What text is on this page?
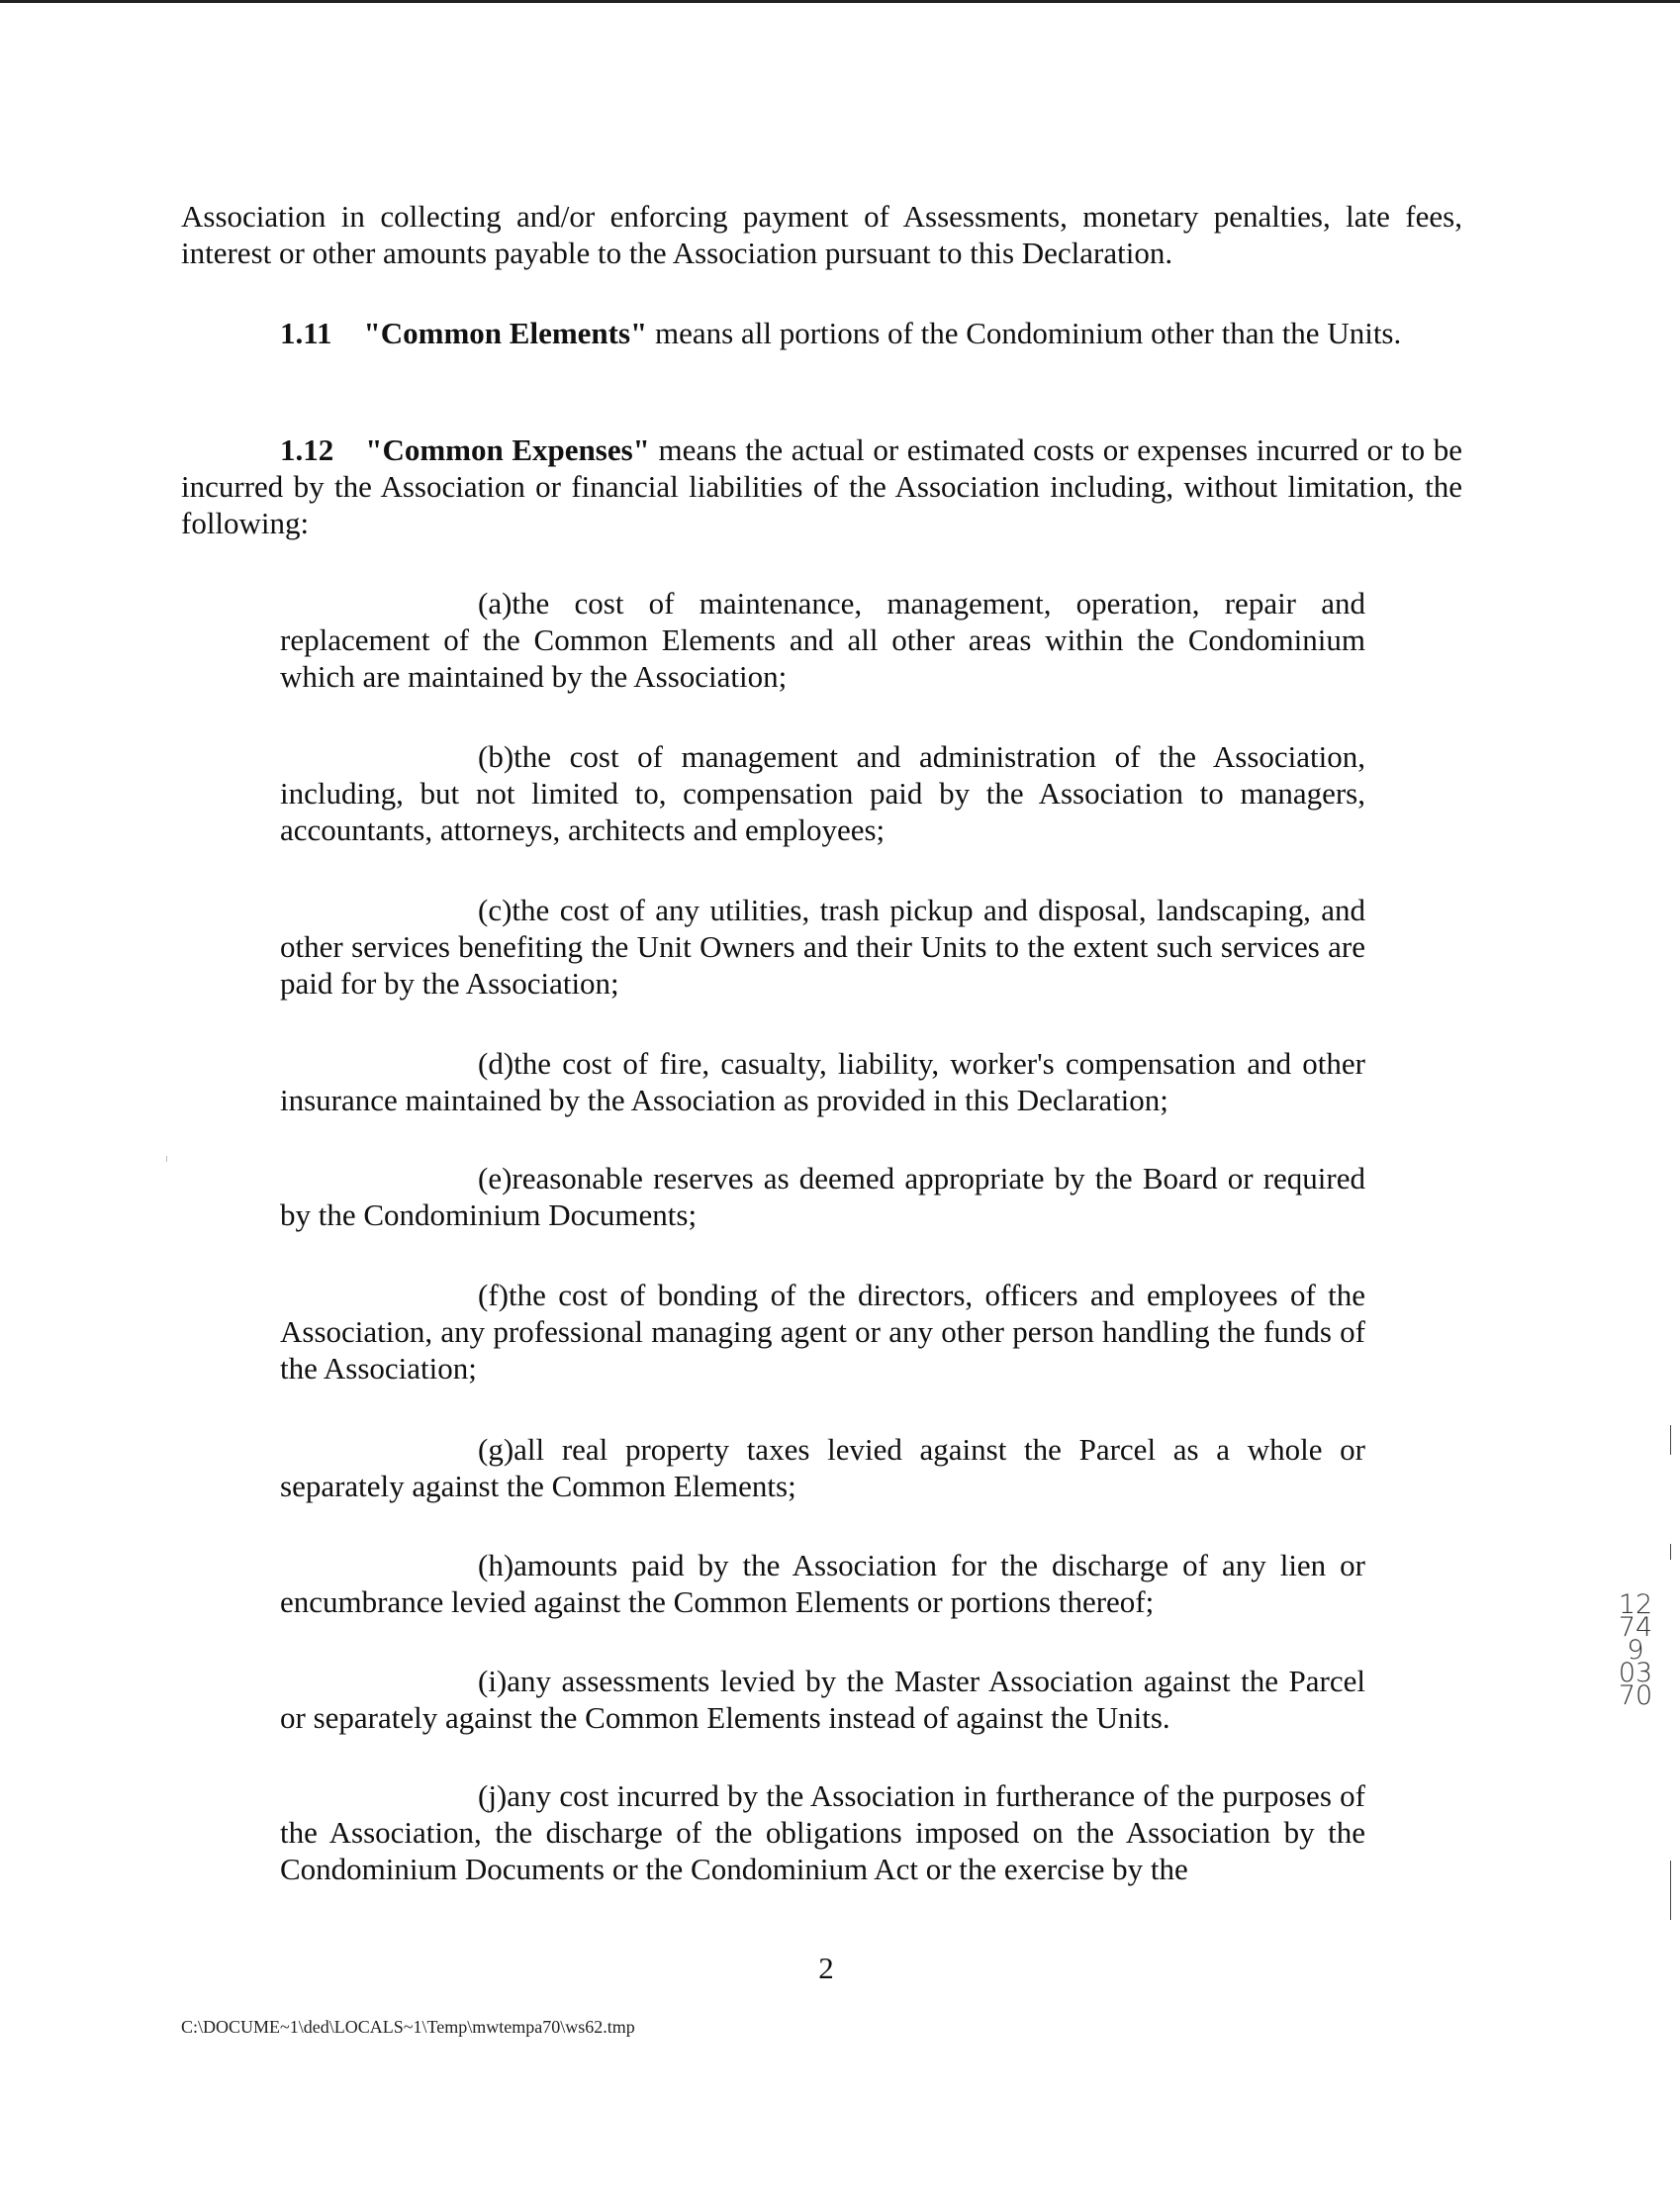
Association in collecting and/or enforcing payment of Assessments, monetary penalties, late fees, interest or other amounts payable to the Association pursuant to this Declaration.

1.11 "Common Elements" means all portions of the Condominium other than the Units.

1.12 "Common Expenses" means the actual or estimated costs or expenses incurred or to be incurred by the Association or financial liabilities of the Association including, without limitation, the following:

(a)the cost of maintenance, management, operation, repair and replacement of the Common Elements and all other areas within the Condominium which are maintained by the Association;

(b)the cost of management and administration of the Association, including, but not limited to, compensation paid by the Association to managers, accountants, attorneys, architects and employees;

(c)the cost of any utilities, trash pickup and disposal, landscaping, and other services benefiting the Unit Owners and their Units to the extent such services are paid for by the Association;

(d)the cost of fire, casualty, liability, worker's compensation and other insurance maintained by the Association as provided in this Declaration;

(e)reasonable reserves as deemed appropriate by the Board or required by the Condominium Documents;

(f)the cost of bonding of the directors, officers and employees of the Association, any professional managing agent or any other person handling the funds of the Association;

(g)all real property taxes levied against the Parcel as a whole or separately against the Common Elements;

(h)amounts paid by the Association for the discharge of any lien or encumbrance levied against the Common Elements or portions thereof;

(i)any assessments levied by the Master Association against the Parcel or separately against the Common Elements instead of against the Units.

(j)any cost incurred by the Association in furtherance of the purposes of the Association, the discharge of the obligations imposed on the Association by the Condominium Documents or the Condominium Act or the exercise by the

2
C:\DOCUME~1\ded\LOCALS~1\Temp\mwtempa70\ws62.tmp
12749 0370
